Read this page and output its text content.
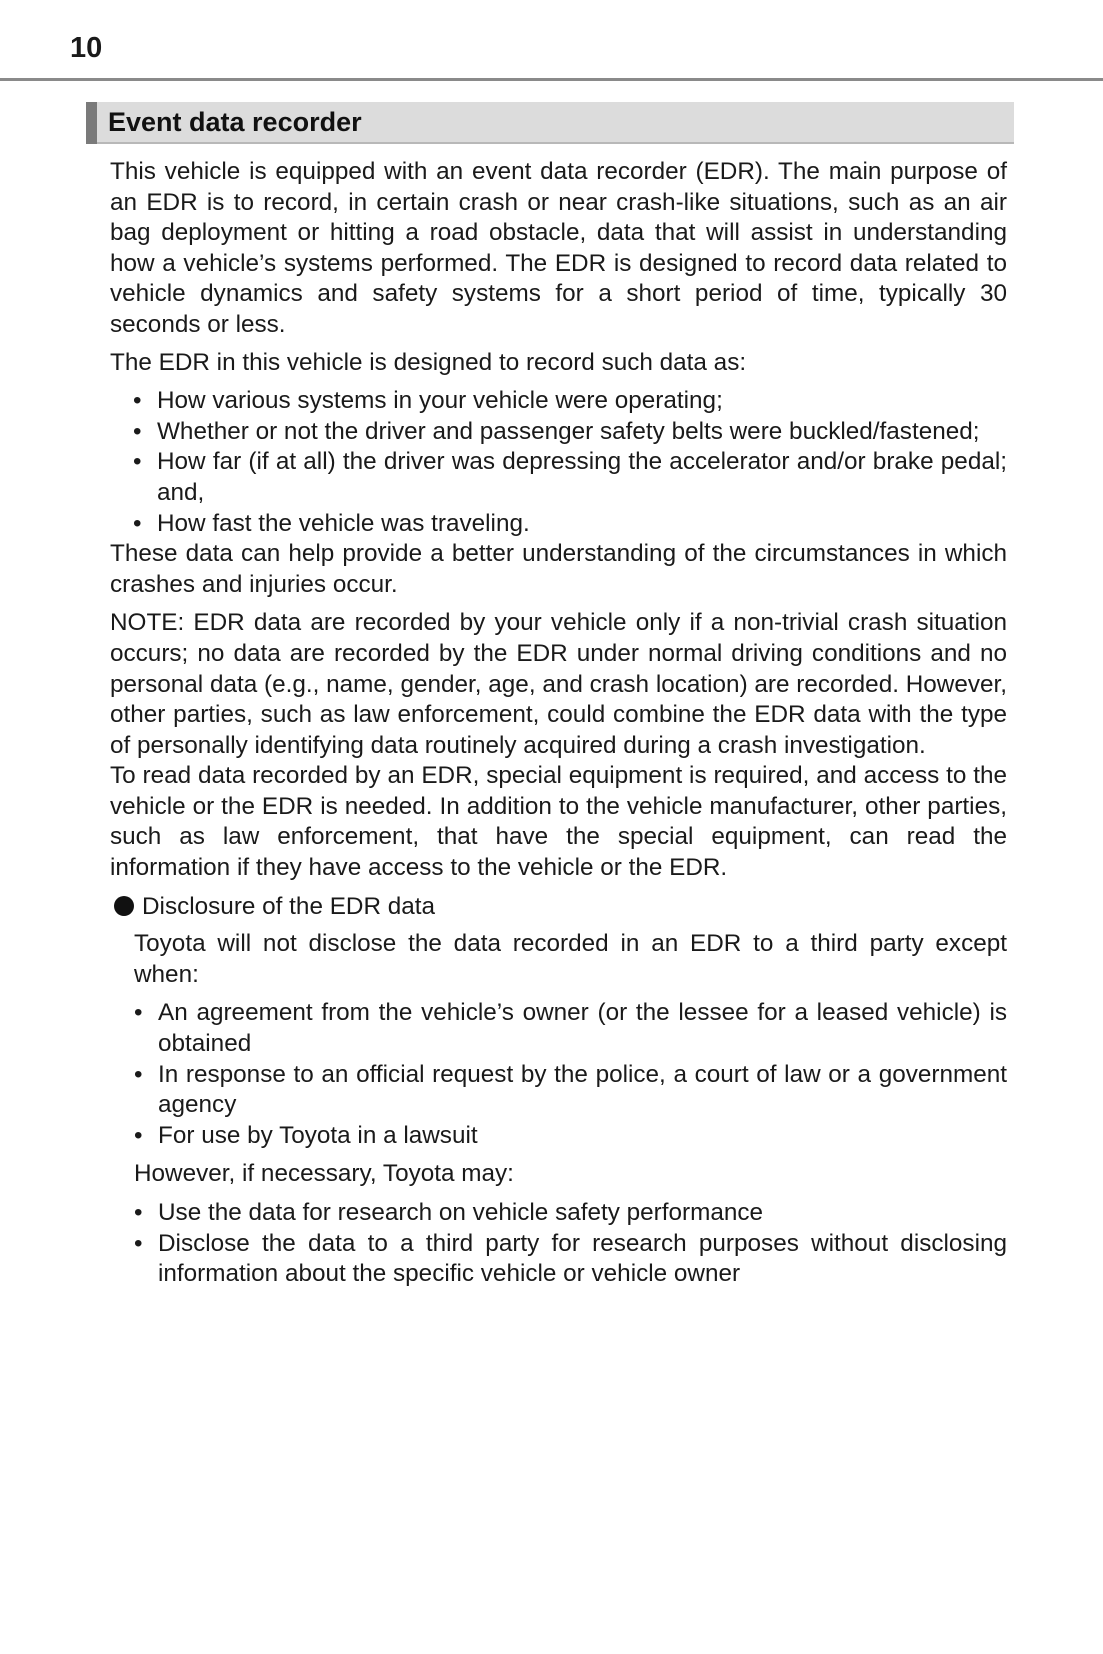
10
Event data recorder

This vehicle is equipped with an event data recorder (EDR). The main purpose of an EDR is to record, in certain crash or near crash-like situations, such as an air bag deployment or hitting a road obstacle, data that will assist in understanding how a vehicle’s systems performed. The EDR is designed to record data related to vehicle dynamics and safety systems for a short period of time, typically 30 seconds or less.

The EDR in this vehicle is designed to record such data as:

• How various systems in your vehicle were operating;
• Whether or not the driver and passenger safety belts were buckled/fastened;
• How far (if at all) the driver was depressing the accelerator and/or brake pedal; and,
• How fast the vehicle was traveling.

These data can help provide a better understanding of the circumstances in which crashes and injuries occur.

NOTE: EDR data are recorded by your vehicle only if a non-trivial crash situation occurs; no data are recorded by the EDR under normal driving conditions and no personal data (e.g., name, gender, age, and crash location) are recorded. However, other parties, such as law enforcement, could combine the EDR data with the type of personally identifying data routinely acquired during a crash investigation.

To read data recorded by an EDR, special equipment is required, and access to the vehicle or the EDR is needed. In addition to the vehicle manufacturer, other parties, such as law enforcement, that have the special equipment, can read the information if they have access to the vehicle or the EDR.

Disclosure of the EDR data

Toyota will not disclose the data recorded in an EDR to a third party except when:

• An agreement from the vehicle’s owner (or the lessee for a leased vehicle) is obtained
• In response to an official request by the police, a court of law or a government agency
• For use by Toyota in a lawsuit

However, if necessary, Toyota may:

• Use the data for research on vehicle safety performance
• Disclose the data to a third party for research purposes without disclosing information about the specific vehicle or vehicle owner
